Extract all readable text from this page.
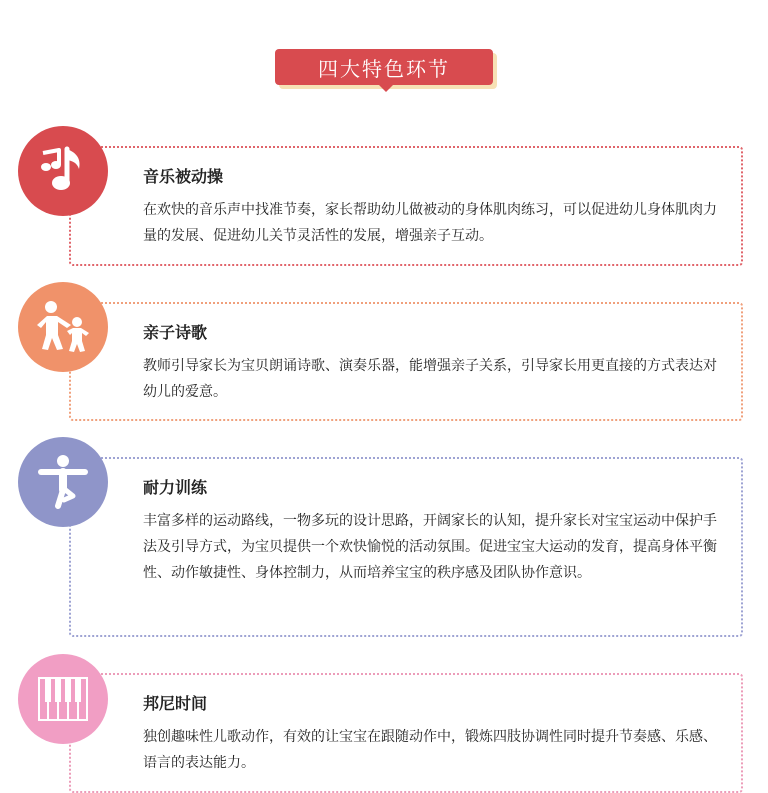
四大特色环节
音乐被动操
在欢快的音乐声中找准节奏，家长帮助幼儿做被动的身体肌肉练习，可以促进幼儿身体肌肉力量的发展、促进幼儿关节灵活性的发展，增强亲子互动。
亲子诗歌
教师引导家长为宝贝朗诵诗歌、演奏乐器，能增强亲子关系，引导家长用更直接的方式表达对幼儿的爱意。
耐力训练
丰富多样的运动路线，一物多玩的设计思路，开阔家长的认知，提升家长对宝宝运动中保护手法及引导方式，为宝贝提供一个欢快愉悦的活动氛围。促进宝宝大运动的发育，提高身体平衡性、动作敏捷性、身体控制力，从而培养宝宝的秩序感及团队协作意识。
邦尼时间
独创趣味性儿歌动作，有效的让宝宝在跟随动作中，锻炼四肢协调性同时提升节奏感、乐感、语言的表达能力。
